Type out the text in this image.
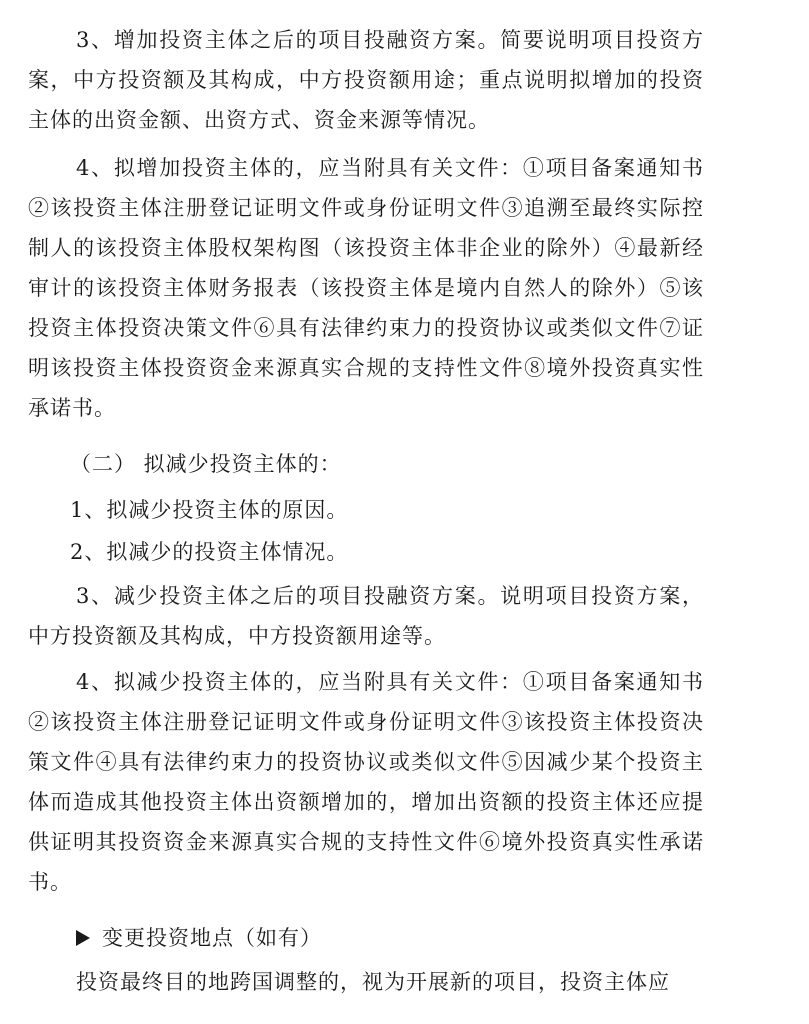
3、增加投资主体之后的项目投融资方案。简要说明项目投资方案，中方投资额及其构成，中方投资额用途；重点说明拟增加的投资主体的出资金额、出资方式、资金来源等情况。

4、拟增加投资主体的，应当附具有关文件：①项目备案通知书②该投资主体注册登记证明文件或身份证明文件③追溯至最终实际控制人的该投资主体股权架构图（该投资主体非企业的除外）④最新经审计的该投资主体财务报表（该投资主体是境内自然人的除外）⑤该投资主体投资决策文件⑥具有法律约束力的投资协议或类似文件⑦证明该投资主体投资资金来源真实合规的支持性文件⑧境外投资真实性承诺书。

（二） 拟减少投资主体的：

1、拟减少投资主体的原因。

2、拟减少的投资主体情况。

3、减少投资主体之后的项目投融资方案。说明项目投资方案，中方投资额及其构成，中方投资额用途等。

4、拟减少投资主体的，应当附具有关文件：①项目备案通知书②该投资主体注册登记证明文件或身份证明文件③该投资主体投资决策文件④具有法律约束力的投资协议或类似文件⑤因减少某个投资主体而造成其他投资主体出资额增加的，增加出资额的投资主体还应提供证明其投资资金来源真实合规的支持性文件⑥境外投资真实性承诺书。

变更投资地点（如有）

投资最终目的地跨国调整的，视为开展新的项目，投资主体应
